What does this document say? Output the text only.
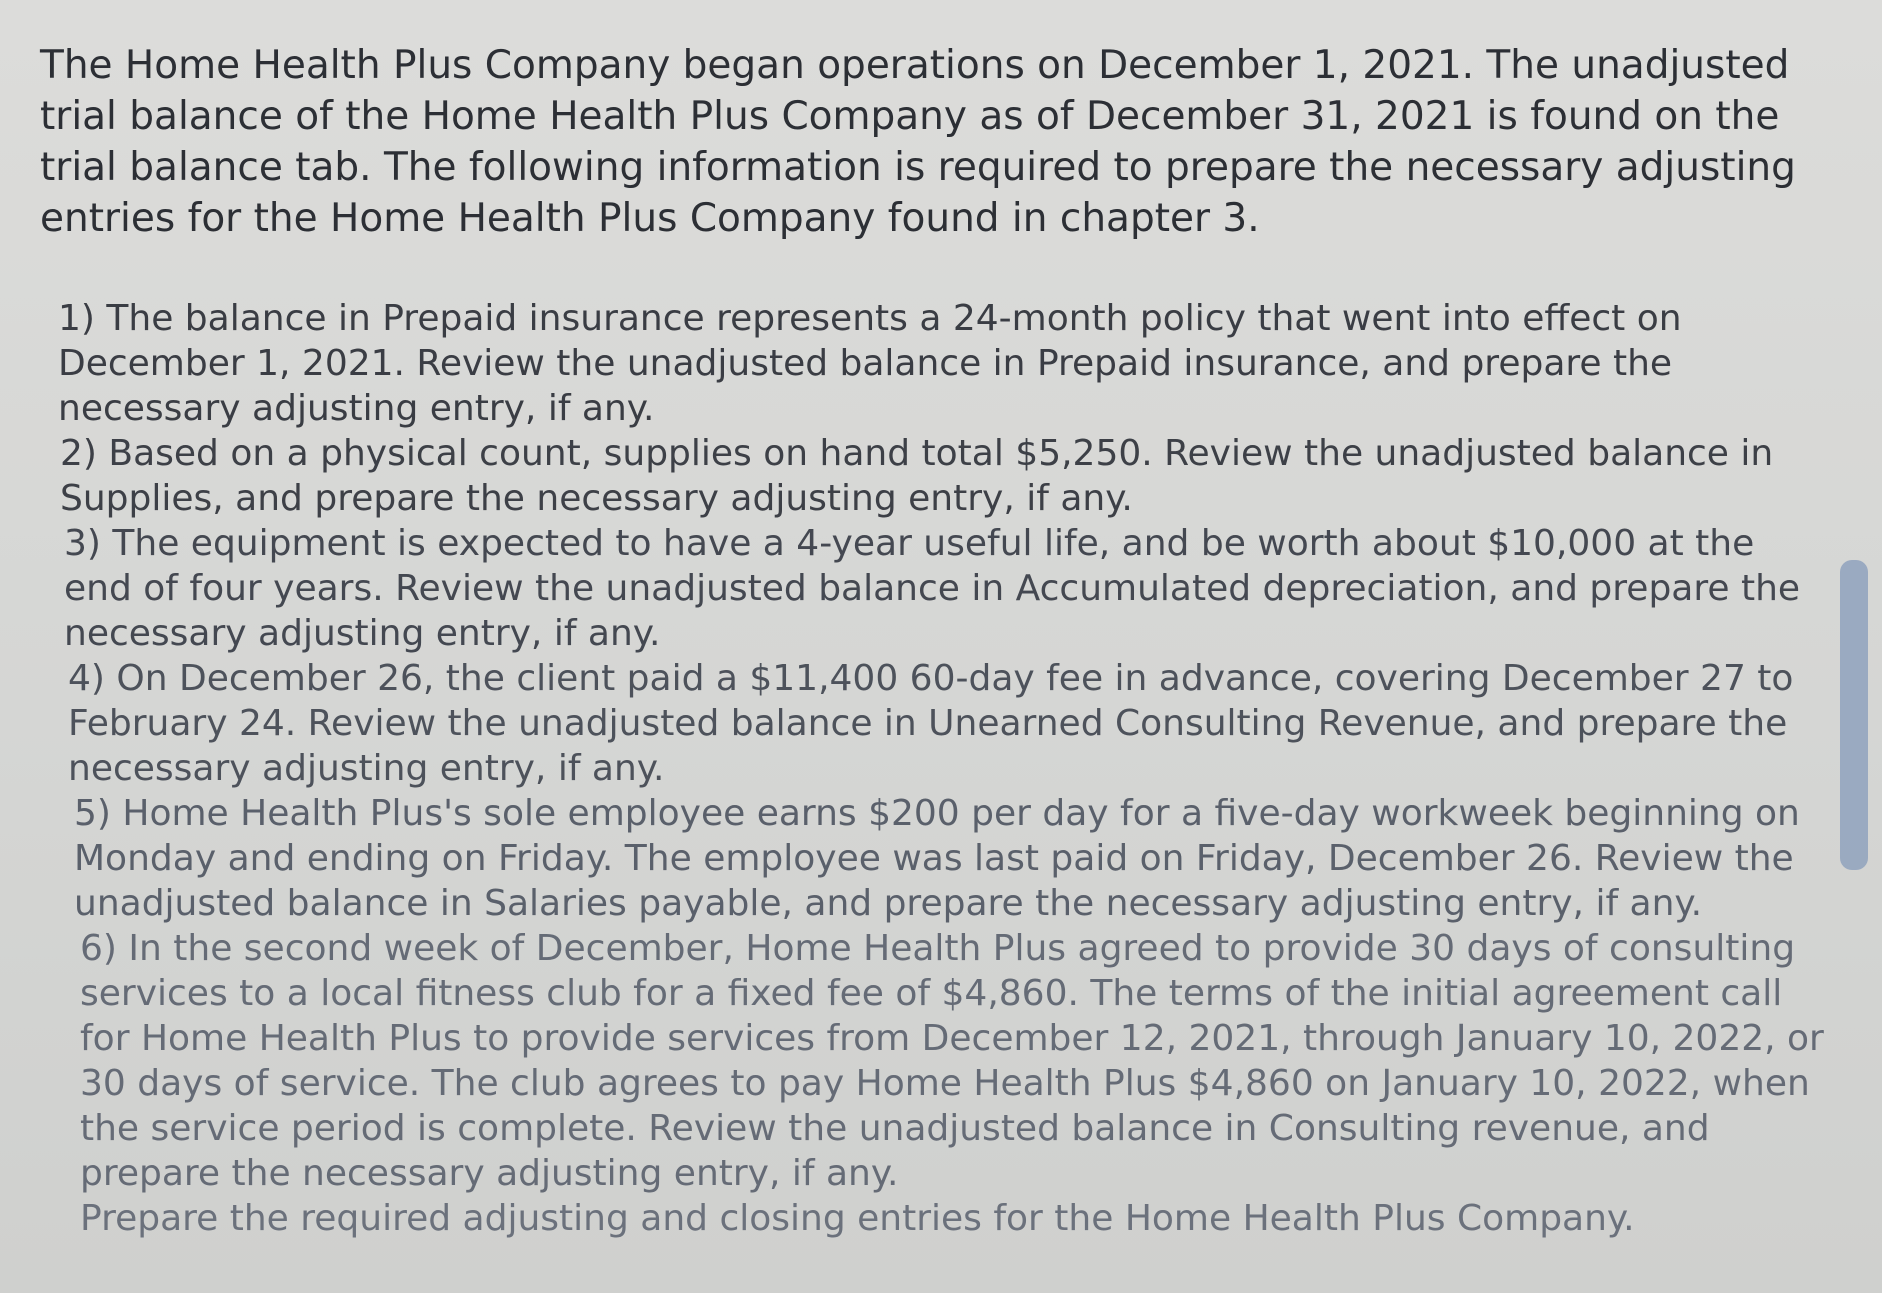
The Home Health Plus Company began operations on December 1, 2021. The unadjusted trial balance of the Home Health Plus Company as of December 31, 2021 is found on the trial balance tab. The following information is required to prepare the necessary adjusting entries for the Home Health Plus Company found in chapter 3.

1) The balance in Prepaid insurance represents a 24-month policy that went into effect on December 1, 2021. Review the unadjusted balance in Prepaid insurance, and prepare the necessary adjusting entry, if any.

2) Based on a physical count, supplies on hand total $5,250. Review the unadjusted balance in Supplies, and prepare the necessary adjusting entry, if any.

3) The equipment is expected to have a 4-year useful life, and be worth about $10,000 at the end of four years. Review the unadjusted balance in Accumulated depreciation, and prepare the necessary adjusting entry, if any.

4) On December 26, the client paid a $11,400 60-day fee in advance, covering December 27 to February 24. Review the unadjusted balance in Unearned Consulting Revenue, and prepare the necessary adjusting entry, if any.

5) Home Health Plus's sole employee earns $200 per day for a five-day workweek beginning on Monday and ending on Friday. The employee was last paid on Friday, December 26. Review the unadjusted balance in Salaries payable, and prepare the necessary adjusting entry, if any.

6) In the second week of December, Home Health Plus agreed to provide 30 days of consulting services to a local fitness club for a fixed fee of $4,860. The terms of the initial agreement call for Home Health Plus to provide services from December 12, 2021, through January 10, 2022, or 30 days of service. The club agrees to pay Home Health Plus $4,860 on January 10, 2022, when the service period is complete. Review the unadjusted balance in Consulting revenue, and prepare the necessary adjusting entry, if any.

Prepare the required adjusting and closing entries for the Home Health Plus Company.
